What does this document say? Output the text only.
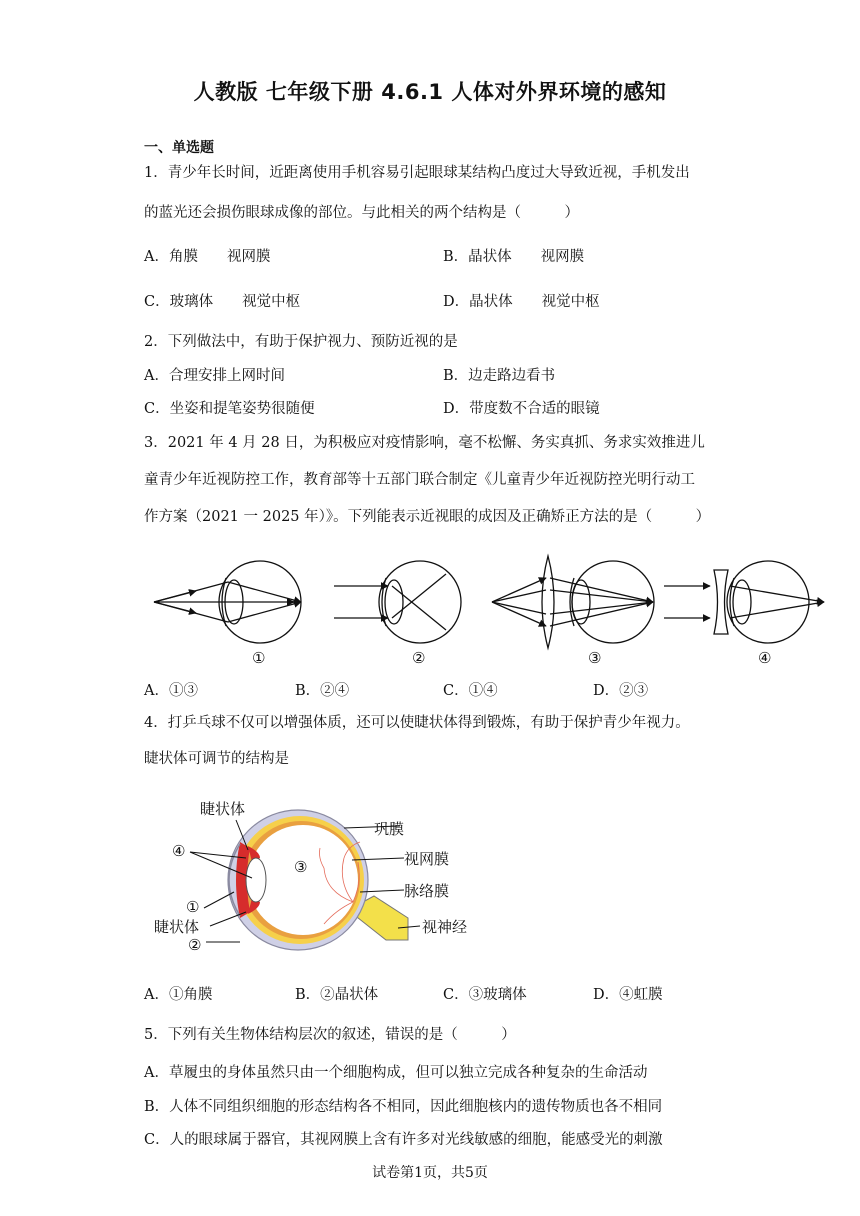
人教版 七年级下册 4.6.1 人体对外界环境的感知
一、单选题
1．青少年长时间，近距离使用手机容易引起眼球某结构凸度过大导致近视，手机发出
的蓝光还会损伤眼球成像的部位。与此相关的两个结构是（　　　）
A．角膜　　视网膜	B．晶状体　　视网膜
C．玻璃体　　视觉中枢	D．晶状体　　视觉中枢
2．下列做法中，有助于保护视力、预防近视的是
A．合理安排上网时间	B．边走路边看书
C．坐姿和提笔姿势很随便	D．带度数不合适的眼镜
3．2021 年 4 月 28 日，为积极应对疫情影响，毫不松懈、务实真抓、务求实效推进儿
童青少年近视防控工作，教育部等十五部门联合制定《儿童青少年近视防控光明行动工
作方案（2021 一 2025 年）》。下列能表示近视眼的成因及正确矫正方法的是（　　　）
①	②	③	④
A．①③	B．②④	C．①④	D．②③
4．打乒乓球不仅可以增强体质，还可以使睫状体得到锻炼，有助于保护青少年视力。
睫状体可调节的结构是
睫状体
④
①
睫状体
②
③
巩膜
视网膜
脉络膜
视神经
A．①角膜	B．②晶状体	C．③玻璃体	D．④虹膜
5．下列有关生物体结构层次的叙述，错误的是（　　　）
A．草履虫的身体虽然只由一个细胞构成，但可以独立完成各种复杂的生命活动
B．人体不同组织细胞的形态结构各不相同，因此细胞核内的遗传物质也各不相同
C．人的眼球属于器官，其视网膜上含有许多对光线敏感的细胞，能感受光的刺激
试卷第1页，共5页
